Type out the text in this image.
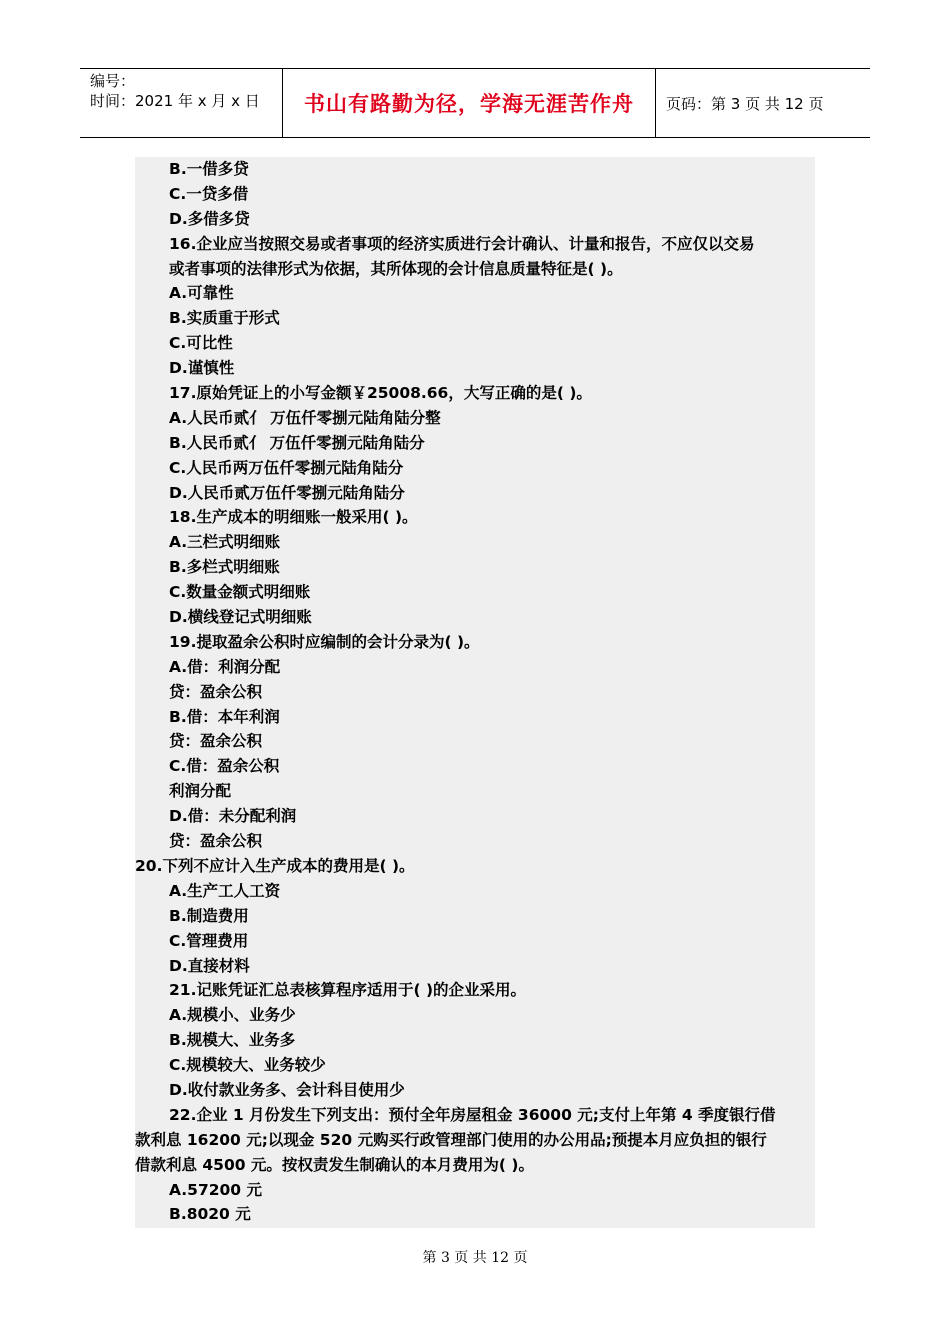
编号：
时间：2021 年 x 月 x 日	书山有路勤为径，学海无涯苦作舟	页码：第 3 页 共 12 页
B.一借多贷
C.一贷多借
D.多借多贷
16.企业应当按照交易或者事项的经济实质进行会计确认、计量和报告，不应仅以交易
或者事项的法律形式为依据，其所体现的会计信息质量特征是( )。
A.可靠性
B.实质重于形式
C.可比性
D.谨慎性
17.原始凭证上的小写金额￥25008.66，大写正确的是( )。
A.人民币贰亻 万伍仟零捌元陆角陆分整
B.人民币贰亻 万伍仟零捌元陆角陆分
C.人民币两万伍仟零捌元陆角陆分
D.人民币贰万伍仟零捌元陆角陆分
18.生产成本的明细账一般采用( )。
A.三栏式明细账
B.多栏式明细账
C.数量金额式明细账
D.横线登记式明细账
19.提取盈余公积时应编制的会计分录为( )。
A.借：利润分配
贷：盈余公积
B.借：本年利润
贷：盈余公积
C.借：盈余公积
利润分配
D.借：未分配利润
贷：盈余公积
20.下列不应计入生产成本的费用是( )。
A.生产工人工资
B.制造费用
C.管理费用
D.直接材料
21.记账凭证汇总表核算程序适用于( )的企业采用。
A.规模小、业务少
B.规模大、业务多
C.规模较大、业务较少
D.收付款业务多、会计科目使用少
22.企业 1 月份发生下列支出：预付全年房屋租金 36000 元;支付上年第 4 季度银行借
款利息 16200 元;以现金 520 元购买行政管理部门使用的办公用品;预提本月应负担的银行
借款利息 4500 元。按权责发生制确认的本月费用为( )。
A.57200 元
B.8020 元
第 3 页 共 12 页
